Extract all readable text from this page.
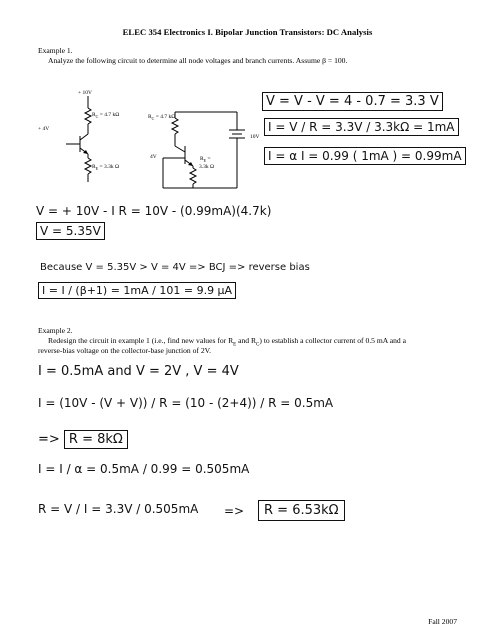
ELEC 354 Electronics I. Bipolar Junction Transistors: DC Analysis
Example 1.
Analyze the following circuit to determine all node voltages and branch currents. Assume β = 100.
+ 10V
$R_C = 4.7$ kΩ
+ 4V
$R_E = 3.3k$ Ω
$R_C = 4.7$ kΩ
10V
4V	$R_E$ =
3.3k Ω
V = V - V = 4 - 0.7 = 3.3 V
I = V / R = 3.3V / 3.3kΩ = 1mA
I = α I = 0.99 ( 1mA ) = 0.99mA
V = + 10V - I R = 10V - (0.99mA)(4.7k)
V = 5.35V
Because V = 5.35V > V = 4V => BCJ => reverse bias
I = I / (β+1) = 1mA / 101 = 9.9 μA
Example 2.
Redesign the circuit in example 1 (i.e., find new values for $R_E$ and $R_C$) to establish a collector current of 0.5 mA and a
reverse-bias voltage on the collector-base junction of 2V.
I = 0.5mA and V = 2V , V = 4V
I = (10V - (V + V)) / R = (10 - (2+4)) / R = 0.5mA
=> R = 8kΩ
I = I / α = 0.5mA / 0.99 = 0.505mA
R = V / I = 3.3V / 0.505mA =>	R = 6.53kΩ
Fall 2007
